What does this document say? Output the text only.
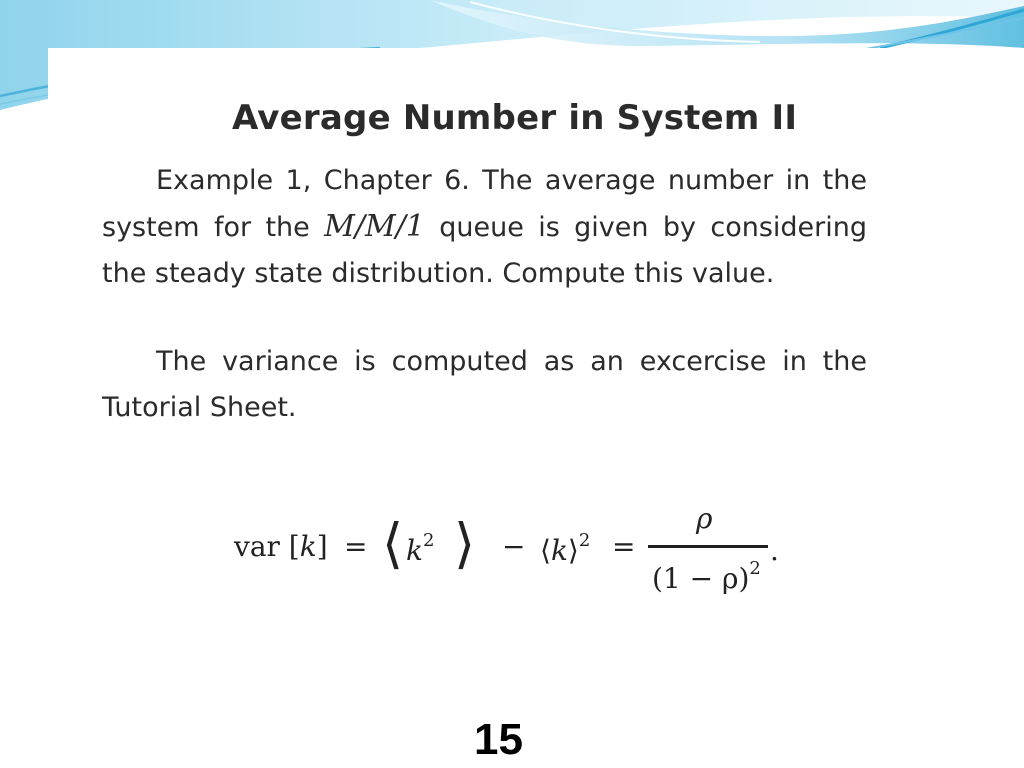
Average Number in System II
Example 1, Chapter 6. The average number in the system for the M/M/1 queue is given by considering the steady state distribution. Compute this value.
The variance is computed as an excercise in the Tutorial Sheet.
var [k] = ⟨ $k^2$ ⟩ − ⟨k⟩$^2$ =
ρ
$(1 - \rho)^2$
.
15
